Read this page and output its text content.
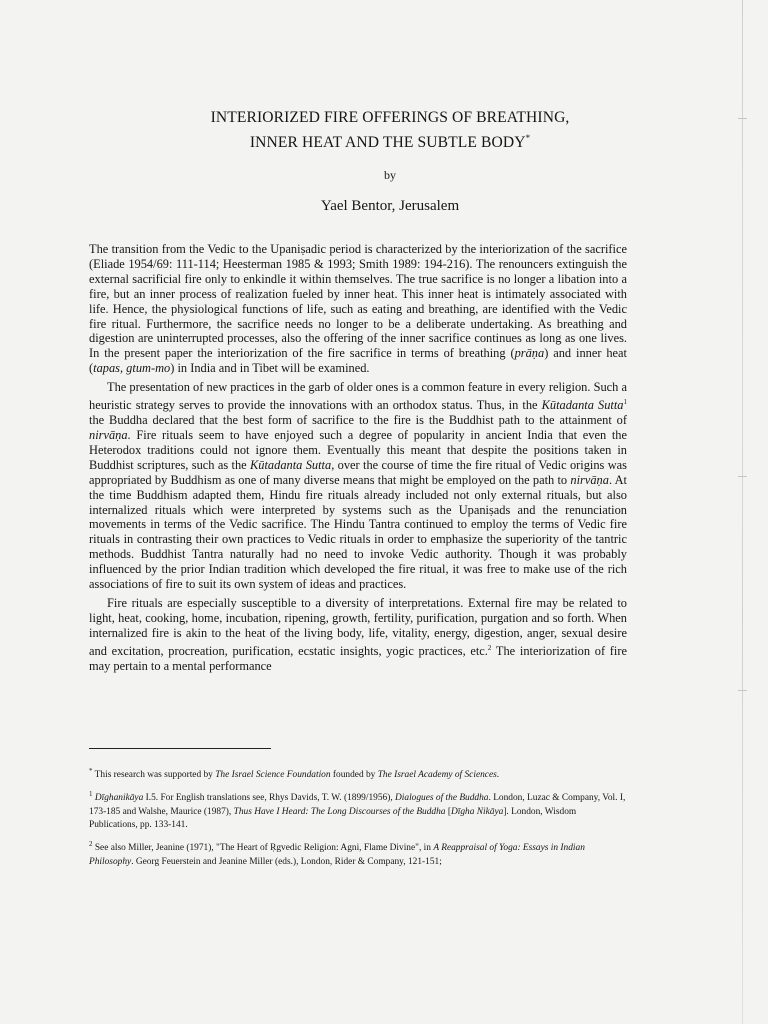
INTERIORIZED FIRE OFFERINGS OF BREATHING,
INNER HEAT AND THE SUBTLE BODY*
by
Yael Bentor, Jerusalem

The transition from the Vedic to the Upaniṣadic period is characterized by the interiorization of the sacrifice (Eliade 1954/69: 111-114; Heesterman 1985 & 1993; Smith 1989: 194-216). The renouncers extinguish the external sacrificial fire only to enkindle it within themselves. The true sacrifice is no longer a libation into a fire, but an inner process of realization fueled by inner heat. This inner heat is intimately associated with life. Hence, the physiological functions of life, such as eating and breathing, are identified with the Vedic fire ritual. Furthermore, the sacrifice needs no longer to be a deliberate undertaking. As breathing and digestion are uninterrupted processes, also the offering of the inner sacrifice continues as long as one lives. In the present paper the interiorization of the fire sacrifice in terms of breathing (prāṇa) and inner heat (tapas, gtum-mo) in India and in Tibet will be examined.

The presentation of new practices in the garb of older ones is a common feature in every religion. Such a heuristic strategy serves to provide the innovations with an orthodox status. Thus, in the Kūtadanta Sutta$^1$ the Buddha declared that the best form of sacrifice to the fire is the Buddhist path to the attainment of nirvāṇa. Fire rituals seem to have enjoyed such a degree of popularity in ancient India that even the Heterodox traditions could not ignore them. Eventually this meant that despite the positions taken in Buddhist scriptures, such as the Kūtadanta Sutta, over the course of time the fire ritual of Vedic origins was appropriated by Buddhism as one of many diverse means that might be employed on the path to nirvāṇa. At the time Buddhism adapted them, Hindu fire rituals already included not only external rituals, but also internalized rituals which were interpreted by systems such as the Upaniṣads and the renunciation movements in terms of the Vedic sacrifice. The Hindu Tantra continued to employ the terms of Vedic fire rituals in contrasting their own practices to Vedic rituals in order to emphasize the superiority of the tantric methods. Buddhist Tantra naturally had no need to invoke Vedic authority. Though it was probably influenced by the prior Indian tradition which developed the fire ritual, it was free to make use of the rich associations of fire to suit its own system of ideas and practices.

Fire rituals are especially susceptible to a diversity of interpretations. External fire may be related to light, heat, cooking, home, incubation, ripening, growth, fertility, purification, purgation and so forth. When internalized fire is akin to the heat of the living body, life, vitality, energy, digestion, anger, sexual desire and excitation, procreation, purification, ecstatic insights, yogic practices, etc.$^2$ The interiorization of fire may pertain to a mental performance

* This research was supported by The Israel Science Foundation founded by The Israel Academy of Sciences.

$^1$ Dīghanikāya I.5. For English translations see, Rhys Davids, T. W. (1899/1956), Dialogues of the Buddha. London, Luzac & Company, Vol. I, 173-185 and Walshe, Maurice (1987), Thus Have I Heard: The Long Discourses of the Buddha [Dīgha Nikāya]. London, Wisdom Publications, pp. 133-141.

$^2$ See also Miller, Jeanine (1971), "The Heart of Ṛgvedic Religion: Agni, Flame Divine", in A Reappraisal of Yoga: Essays in Indian Philosophy. Georg Feuerstein and Jeanine Miller (eds.), London, Rider & Company, 121-151;
